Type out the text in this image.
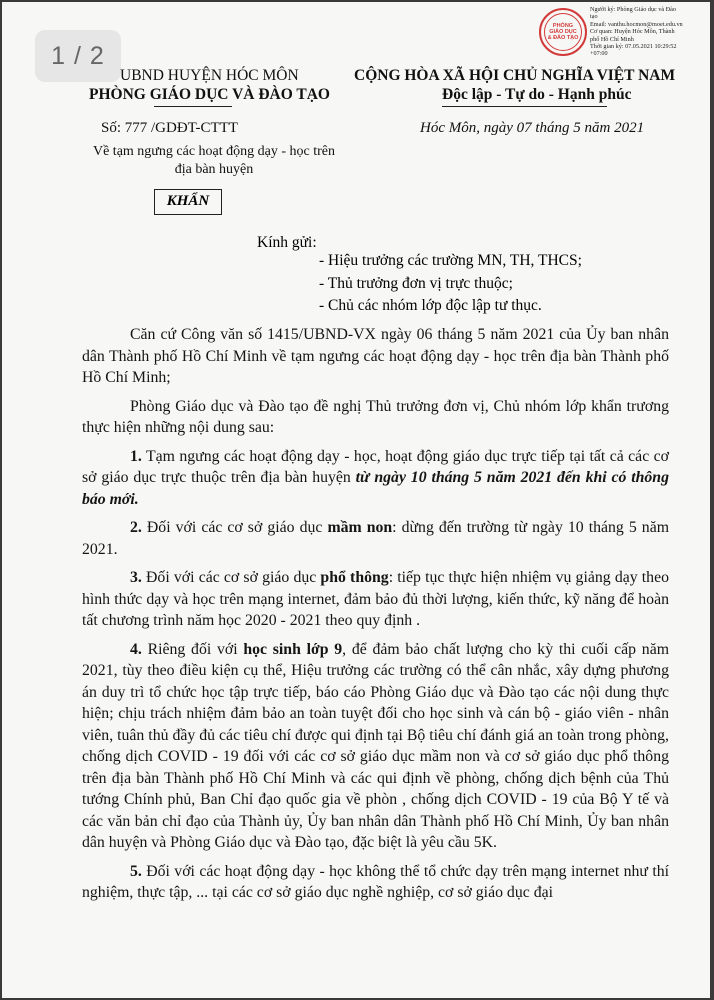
1 / 2
PHÒNG
GIÁO DỤC
& ĐÀO TẠO
Người ký: Phòng Giáo dục và Đào
tạo
Email: vanthu.hocmon@moet.edu.vn
Cơ quan: Huyện Hóc Môn, Thành
phố Hồ Chí Minh
Thời gian ký: 07.05.2021 10:29:52
+07:00
UBND HUYỆN HÓC MÔN
PHÒNG GIÁO DỤC VÀ ĐÀO TẠO
CỘNG HÒA XÃ HỘI CHỦ NGHĨA VIỆT NAM
Độc lập - Tự do - Hạnh phúc
Số: 777 /GDĐT-CTTT	Hóc Môn, ngày 07 tháng 5 năm 2021
Về tạm ngưng các hoạt động dạy - học trên
địa bàn huyện
KHẨN
Kính gửi:
- Hiệu trưởng các trường MN, TH, THCS;
- Thủ trưởng đơn vị trực thuộc;
- Chủ các nhóm lớp độc lập tư thục.

Căn cứ Công văn số 1415/UBND-VX ngày 06 tháng 5 năm 2021 của Ủy ban nhân dân Thành phố Hồ Chí Minh về tạm ngưng các hoạt động dạy - học trên địa bàn Thành phố Hồ Chí Minh;

Phòng Giáo dục và Đào tạo đề nghị Thủ trưởng đơn vị, Chủ nhóm lớp khẩn trương thực hiện những nội dung sau:

1. Tạm ngưng các hoạt động dạy - học, hoạt động giáo dục trực tiếp tại tất cả các cơ sở giáo dục trực thuộc trên địa bàn huyện từ ngày 10 tháng 5 năm 2021 đến khi có thông báo mới.

2. Đối với các cơ sở giáo dục mầm non: dừng đến trường từ ngày 10 tháng 5 năm 2021.

3. Đối với các cơ sở giáo dục phổ thông: tiếp tục thực hiện nhiệm vụ giảng dạy theo hình thức dạy và học trên mạng internet, đảm bảo đủ thời lượng, kiến thức, kỹ năng để hoàn tất chương trình năm học 2020 - 2021 theo quy định .

4. Riêng đối với học sinh lớp 9, để đảm bảo chất lượng cho kỳ thi cuối cấp năm 2021, tùy theo điều kiện cụ thể, Hiệu trưởng các trường có thể cân nhắc, xây dựng phương án duy trì tổ chức học tập trực tiếp, báo cáo Phòng Giáo dục và Đào tạo các nội dung thực hiện; chịu trách nhiệm đảm bảo an toàn tuyệt đối cho học sinh và cán bộ - giáo viên - nhân viên, tuân thủ đầy đủ các tiêu chí được qui định tại Bộ tiêu chí đánh giá an toàn trong phòng, chống dịch COVID - 19 đối với các cơ sở giáo dục mầm non và cơ sở giáo dục phổ thông trên địa bàn Thành phố Hồ Chí Minh và các qui định về phòng, chống dịch bệnh của Thủ tướng Chính phủ, Ban Chỉ đạo quốc gia về phòn , chống dịch COVID - 19 của Bộ Y tế và các văn bản chỉ đạo của Thành ủy, Ủy ban nhân dân Thành phố Hồ Chí Minh, Ủy ban nhân dân huyện và Phòng Giáo dục và Đào tạo, đặc biệt là yêu cầu 5K.

5. Đối với các hoạt động dạy - học không thể tổ chức dạy trên mạng internet như thí nghiệm, thực tập, ... tại các cơ sở giáo dục nghề nghiệp, cơ sở giáo dục đại
